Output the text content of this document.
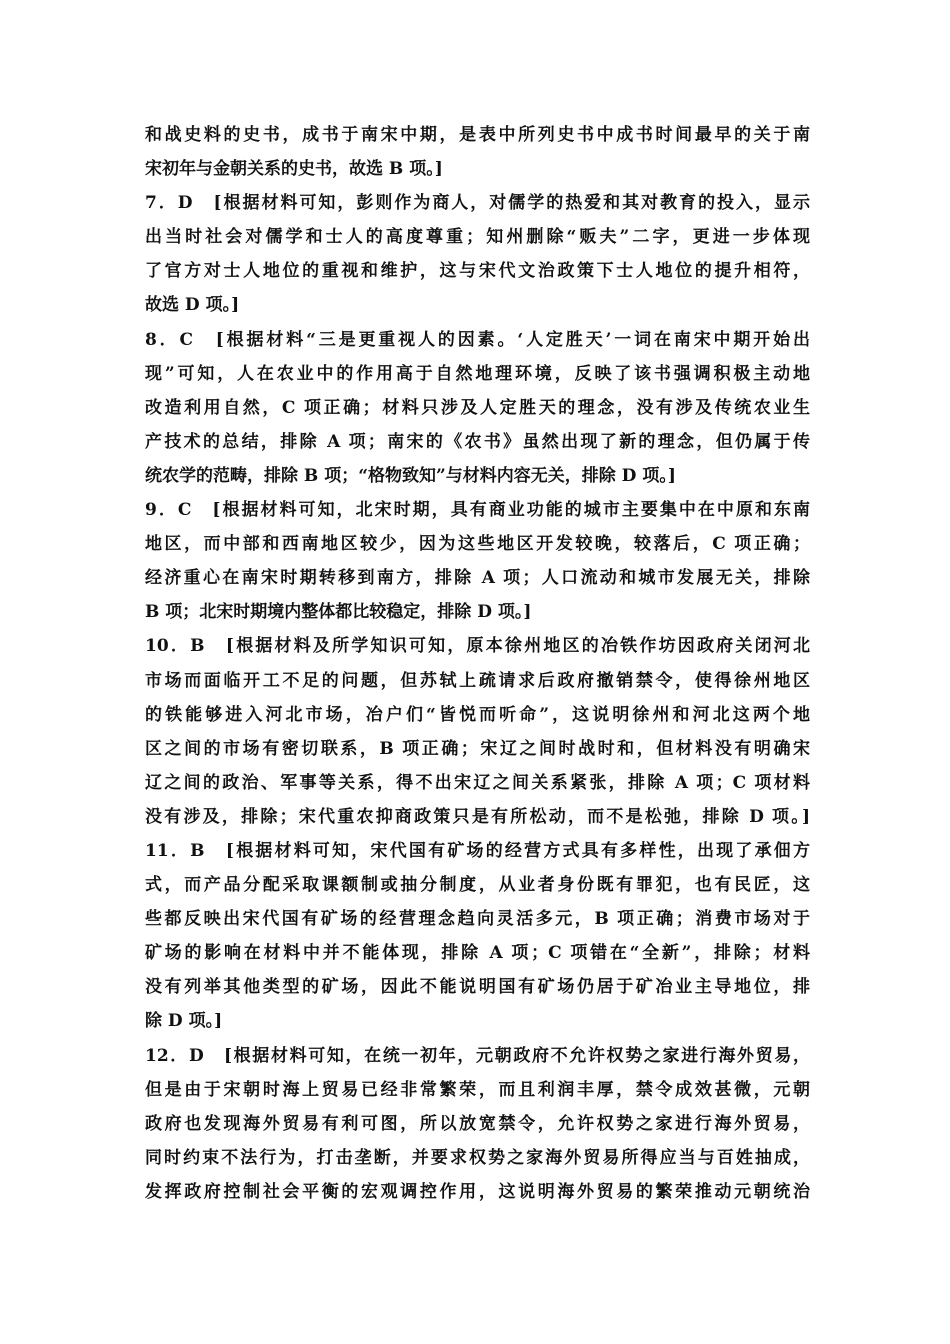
和战史料的史书，成书于南宋中期，是表中所列史书中成书时间最早的关于南
宋初年与金朝关系的史书，故选 B 项。]
7．D　[根据材料可知，彭则作为商人，对儒学的热爱和其对教育的投入，显示
出当时社会对儒学和士人的高度尊重；知州删除“贩夫”二字，更进一步体现
了官方对士人地位的重视和维护，这与宋代文治政策下士人地位的提升相符，
故选 D 项。]
8．C　[根据材料“三是更重视人的因素。‘人定胜天’一词在南宋中期开始出
现”可知，人在农业中的作用高于自然地理环境，反映了该书强调积极主动地
改造利用自然，C 项正确；材料只涉及人定胜天的理念，没有涉及传统农业生
产技术的总结，排除 A 项；南宋的《农书》虽然出现了新的理念，但仍属于传
统农学的范畴，排除 B 项；“格物致知”与材料内容无关，排除 D 项。]
9．C　[根据材料可知，北宋时期，具有商业功能的城市主要集中在中原和东南
地区，而中部和西南地区较少，因为这些地区开发较晚，较落后，C 项正确；
经济重心在南宋时期转移到南方，排除 A 项；人口流动和城市发展无关，排除
B 项；北宋时期境内整体都比较稳定，排除 D 项。]
10．B　[根据材料及所学知识可知，原本徐州地区的冶铁作坊因政府关闭河北
市场而面临开工不足的问题，但苏轼上疏请求后政府撤销禁令，使得徐州地区
的铁能够进入河北市场，冶户们“皆悦而听命”，这说明徐州和河北这两个地
区之间的市场有密切联系，B 项正确；宋辽之间时战时和，但材料没有明确宋
辽之间的政治、军事等关系，得不出宋辽之间关系紧张，排除 A 项；C 项材料
没有涉及，排除；宋代重农抑商政策只是有所松动，而不是松弛，排除 D 项。]
11．B　[根据材料可知，宋代国有矿场的经营方式具有多样性，出现了承佃方
式，而产品分配采取课额制或抽分制度，从业者身份既有罪犯，也有民匠，这
些都反映出宋代国有矿场的经营理念趋向灵活多元，B 项正确；消费市场对于
矿场的影响在材料中并不能体现，排除 A 项；C 项错在“全新”，排除；材料
没有列举其他类型的矿场，因此不能说明国有矿场仍居于矿冶业主导地位，排
除 D 项。]
12．D　[根据材料可知，在统一初年，元朝政府不允许权势之家进行海外贸易，
但是由于宋朝时海上贸易已经非常繁荣，而且利润丰厚，禁令成效甚微，元朝
政府也发现海外贸易有利可图，所以放宽禁令，允许权势之家进行海外贸易，
同时约束不法行为，打击垄断，并要求权势之家海外贸易所得应当与百姓抽成，
发挥政府控制社会平衡的宏观调控作用，这说明海外贸易的繁荣推动元朝统治
